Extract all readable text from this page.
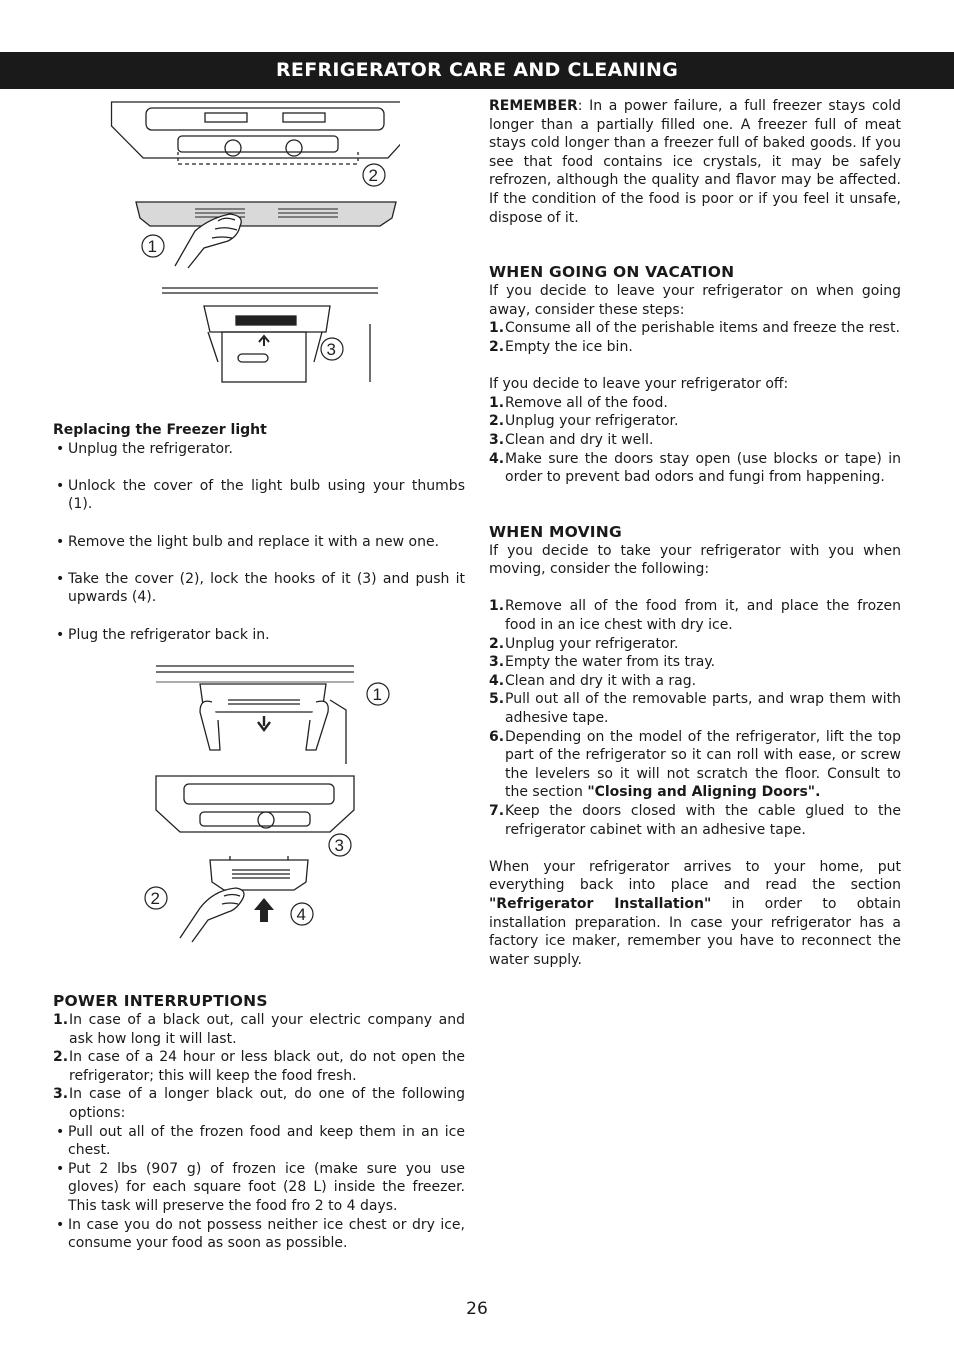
REFRIGERATOR CARE AND CLEANING
2
1
3
Replacing the Freezer light
• Unplug the refrigerator.
• Unlock the cover of the light bulb using your thumbs (1).
• Remove the light bulb and replace it with a new one.
• Take the cover (2), lock the hooks of it (3) and push it upwards (4).
• Plug the refrigerator back in.
1
3
2
4
POWER INTERRUPTIONS
1. In case of a black out, call your electric company and ask how long it will last.
2. In case of a 24 hour or less black out, do not open the refrigerator; this will keep the food fresh.
3. In case of a longer black out, do one of the following options:
• Pull out all of the frozen food and keep them in an ice chest.
• Put 2 lbs (907 g) of frozen ice (make sure you use gloves) for each square foot (28 L) inside the freezer. This task will preserve the food fro 2 to 4 days.
• In case you do not possess neither ice chest or dry ice, consume your food as soon as possible.

REMEMBER: In a power failure, a full freezer stays cold longer than a partially filled one. A freezer full of meat stays cold longer than a freezer full of baked goods. If you see that food contains ice crystals, it may be safely refrozen, although the quality and flavor may be affected. If the condition of the food is poor or if you feel it unsafe, dispose of it.

WHEN GOING ON VACATION

If you decide to leave your refrigerator on when going away, consider these steps:

1. Consume all of the perishable items and freeze the rest.
2. Empty the ice bin.

If you decide to leave your refrigerator off:

1. Remove all of the food.
2. Unplug your refrigerator.
3. Clean and dry it well.
4. Make sure the doors stay open (use blocks or tape) in order to prevent bad odors and fungi from happening.
WHEN MOVING

If you decide to take your refrigerator with you when moving, consider the following:

1. Remove all of the food from it, and place the frozen food in an ice chest with dry ice.
2. Unplug your refrigerator.
3. Empty the water from its tray.
4. Clean and dry it with a rag.
5. Pull out all of the removable parts, and wrap them with adhesive tape.
6. Depending on the model of the refrigerator, lift the top part of the refrigerator so it can roll with ease, or screw the levelers so it will not scratch the floor. Consult to the section "Closing and Aligning Doors".
7. Keep the doors closed with the cable glued to the refrigerator cabinet with an adhesive tape.

When your refrigerator arrives to your home, put everything back into place and read the section "Refrigerator Installation" in order to obtain installation preparation. In case your refrigerator has a factory ice maker, remember you have to reconnect the water supply.

26
